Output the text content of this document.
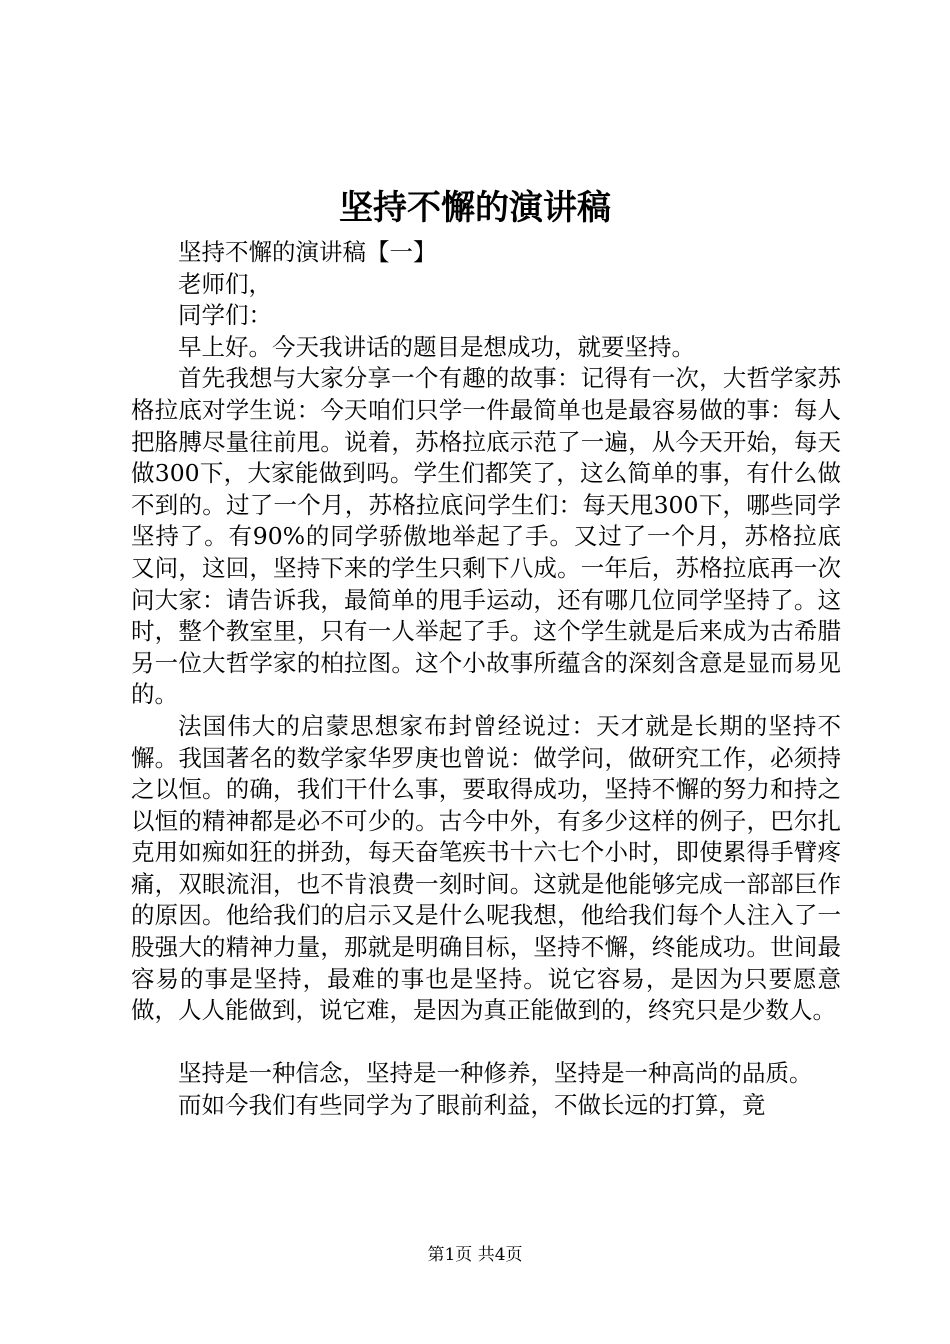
坚持不懈的演讲稿

坚持不懈的演讲稿【一】

老师们，

同学们：

早上好。今天我讲话的题目是想成功，就要坚持。

首先我想与大家分享一个有趣的故事：记得有一次，大哲学家苏格拉底对学生说：今天咱们只学一件最简单也是最容易做的事：每人把胳膊尽量往前甩。说着，苏格拉底示范了一遍，从今天开始，每天做300下，大家能做到吗。学生们都笑了，这么简单的事，有什么做不到的。过了一个月，苏格拉底问学生们：每天甩300下，哪些同学坚持了。有90%的同学骄傲地举起了手。又过了一个月，苏格拉底又问，这回，坚持下来的学生只剩下八成。一年后，苏格拉底再一次问大家：请告诉我，最简单的甩手运动，还有哪几位同学坚持了。这时，整个教室里，只有一人举起了手。这个学生就是后来成为古希腊另一位大哲学家的柏拉图。这个小故事所蕴含的深刻含意是显而易见的。

法国伟大的启蒙思想家布封曾经说过：天才就是长期的坚持不懈。我国著名的数学家华罗庚也曾说：做学问，做研究工作，必须持之以恒。的确，我们干什么事，要取得成功，坚持不懈的努力和持之以恒的精神都是必不可少的。古今中外，有多少这样的例子，巴尔扎克用如痴如狂的拼劲，每天奋笔疾书十六七个小时，即使累得手臂疼痛，双眼流泪，也不肯浪费一刻时间。这就是他能够完成一部部巨作的原因。他给我们的启示又是什么呢我想，他给我们每个人注入了一股强大的精神力量，那就是明确目标，坚持不懈，终能成功。世间最容易的事是坚持，最难的事也是坚持。说它容易，是因为只要愿意做，人人能做到，说它难，是因为真正能做到的，终究只是少数人。

坚持是一种信念，坚持是一种修养，坚持是一种高尚的品质。

而如今我们有些同学为了眼前利益，不做长远的打算，竟

第1页 共4页
